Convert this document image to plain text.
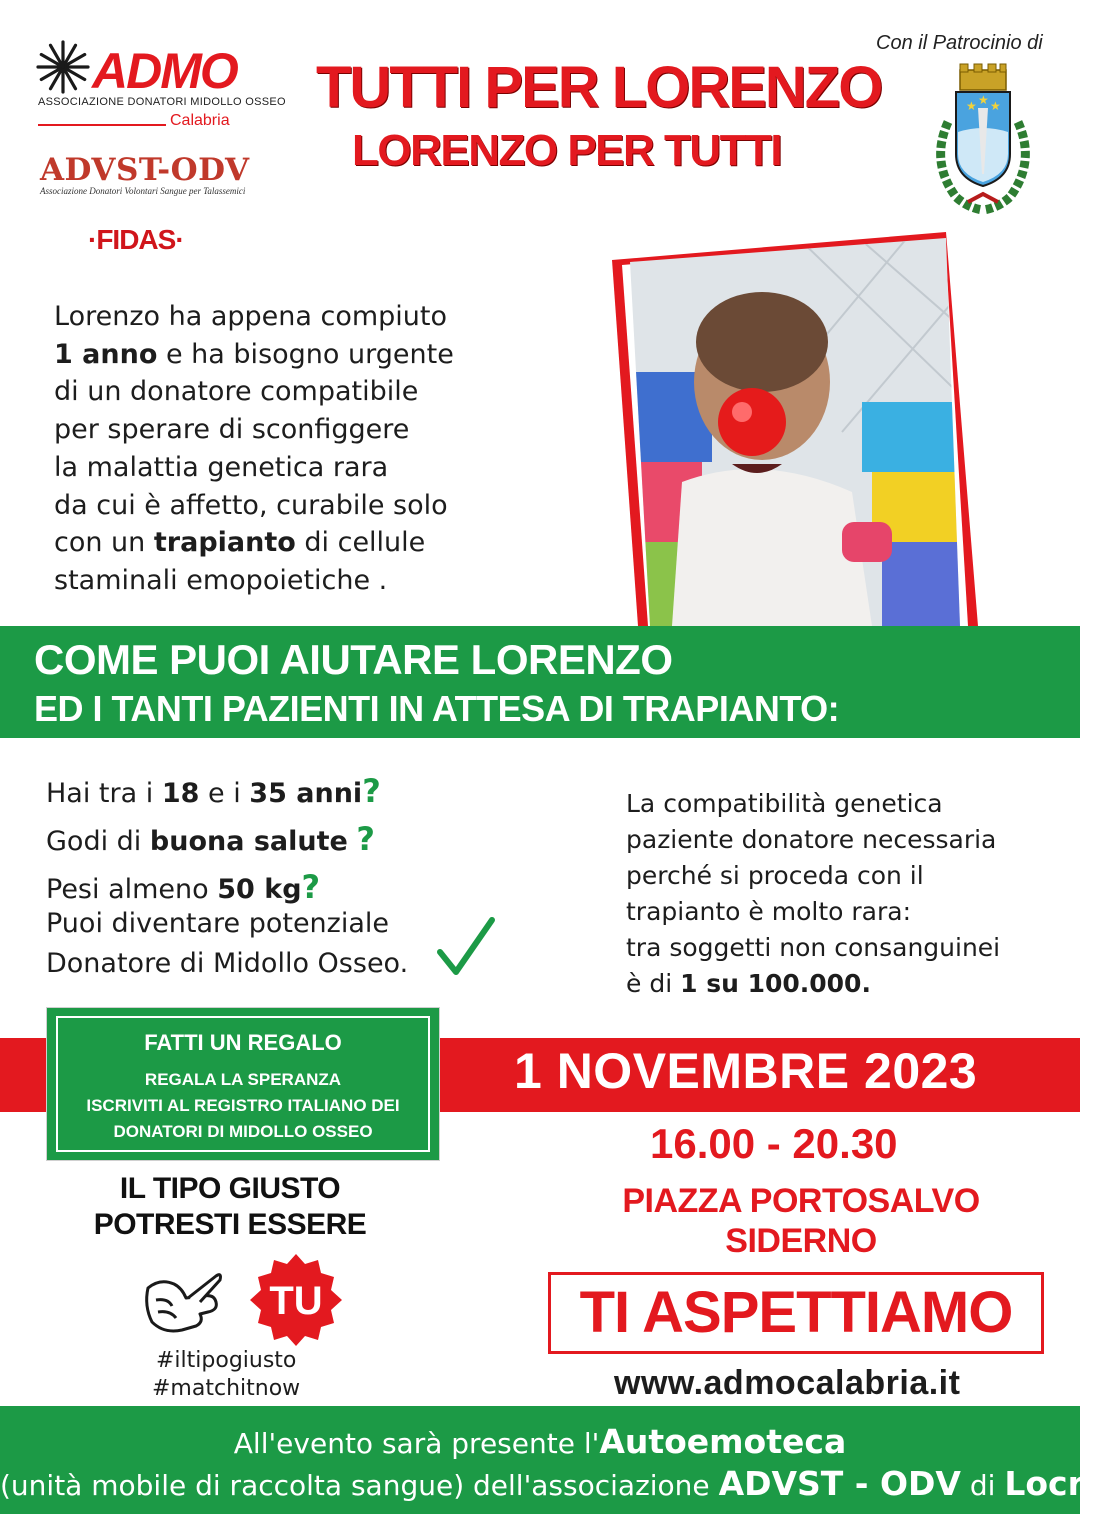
ADMO
ASSOCIAZIONE DONATORI MIDOLLO OSSEO
Calabria
ADVST-ODV
Associazione Donatori Volontari Sangue per Talassemici
·FIDAS·
TUTTI PER LORENZO
LORENZO PER TUTTI
Con il Patrocinio di
★ ★ ★

Lorenzo ha appena compiuto

1 anno e ha bisogno urgente

di un donatore compatibile

per sperare di sconfiggere

la malattia genetica rara

da cui è affetto, curabile solo

con un trapianto di cellule

staminali emopoietiche .

COME PUOI AIUTARE LORENZO
ED I TANTI PAZIENTI IN ATTESA DI TRAPIANTO:
Hai tra i 18 e i 35 anni?
Godi di buona salute ?
Pesi almeno 50 kg?
Puoi diventare potenziale
Donatore di Midollo Osseo.

La compatibilità genetica

paziente donatore necessaria

perché si proceda con il

trapianto è molto rara:

tra soggetti non consanguinei

è di 1 su 100.000.

1 NOVEMBRE 2023
FATTI UN REGALO
REGALA LA SPERANZA
ISCRIVITI AL REGISTRO ITALIANO DEI
DONATORI DI MIDOLLO OSSEO	16.00 - 20.30
PIAZZA PORTOSALVO
SIDERNO
IL TIPO GIUSTO
POTRESTI ESSERE
TU
#iltipogiusto
#matchitnow
TI ASPETTIAMO
www.admocalabria.it
All'evento sarà presente l'Autoemoteca
(unità mobile di raccolta sangue) dell'associazione ADVST - ODV di Locri
